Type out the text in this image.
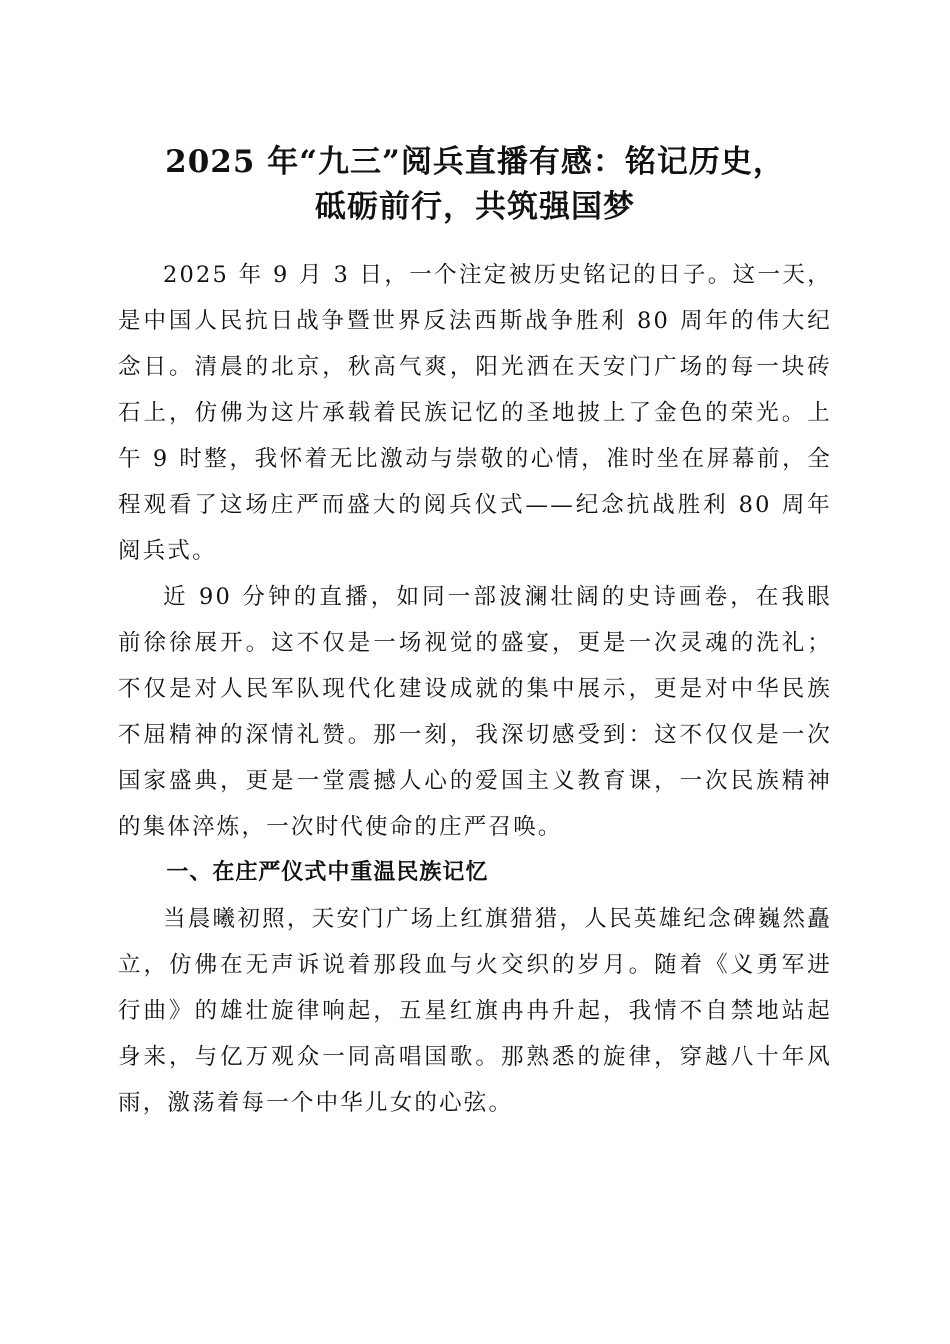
2025 年“九三”阅兵直播有感：铭记历史，
砥砺前行，共筑强国梦

2025 年 9 月 3 日，一个注定被历史铭记的日子。这一天，是中国人民抗日战争暨世界反法西斯战争胜利 80 周年的伟大纪念日。清晨的北京，秋高气爽，阳光洒在天安门广场的每一块砖石上，仿佛为这片承载着民族记忆的圣地披上了金色的荣光。上午 9 时整，我怀着无比激动与崇敬的心情，准时坐在屏幕前，全程观看了这场庄严而盛大的阅兵仪式——纪念抗战胜利 80 周年阅兵式。

近 90 分钟的直播，如同一部波澜壮阔的史诗画卷，在我眼前徐徐展开。这不仅是一场视觉的盛宴，更是一次灵魂的洗礼；不仅是对人民军队现代化建设成就的集中展示，更是对中华民族不屈精神的深情礼赞。那一刻，我深切感受到：这不仅仅是一次国家盛典，更是一堂震撼人心的爱国主义教育课，一次民族精神的集体淬炼，一次时代使命的庄严召唤。

一、在庄严仪式中重温民族记忆

当晨曦初照，天安门广场上红旗猎猎，人民英雄纪念碑巍然矗立，仿佛在无声诉说着那段血与火交织的岁月。随着《义勇军进行曲》的雄壮旋律响起，五星红旗冉冉升起，我情不自禁地站起身来，与亿万观众一同高唱国歌。那熟悉的旋律，穿越八十年风雨，激荡着每一个中华儿女的心弦。
